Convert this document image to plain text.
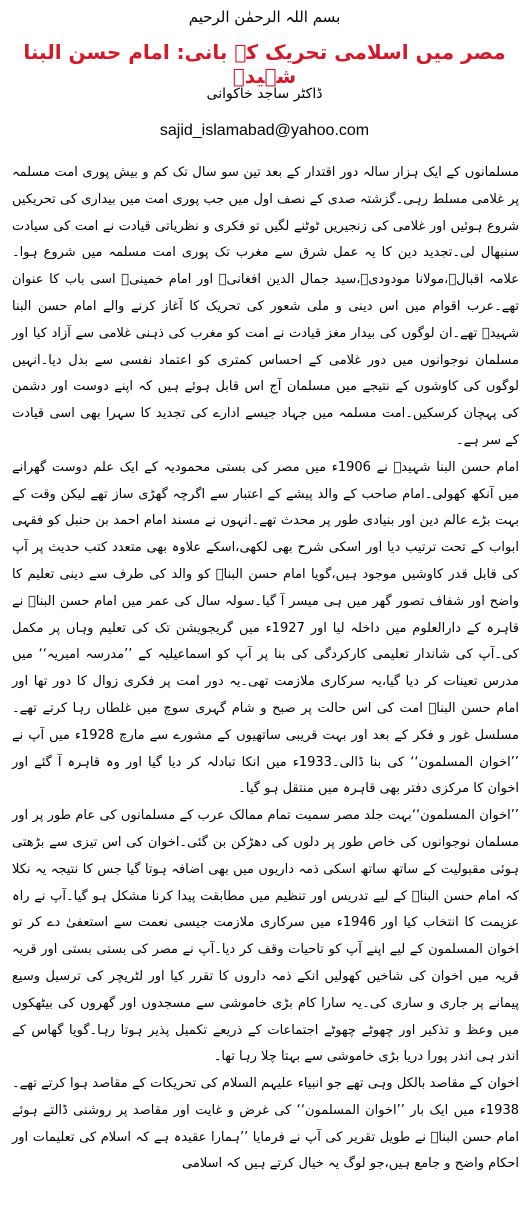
بسم اللہ الرحمٰن الرحیم
مصر میں اسلامی تحریک کے بانی: امام حسن البنا شہیدؒ
ڈاکٹر ساجد خاکوانی
sajid_islamabad@yahoo.com

مسلمانوں کے ایک ہزار سالہ دور اقتدار کے بعد تین سو سال تک کم و بیش پوری امت مسلمہ پر غلامی مسلط رہی۔گزشتہ صدی کے نصف اول میں جب پوری امت میں بیداری کی تحریکیں شروع ہوئیں اور غلامی کی زنجیریں ٹوٹنے لگیں تو فکری و نظریاتی قیادت نے امت کی سیادت سنبھال لی۔تجدید دین کا یہ عمل شرق سے مغرب تک پوری امت مسلمہ میں شروع ہوا۔علامہ اقبالؒ،مولانا مودودیؒ،سید جمال الدین افغانیؒ اور امام خمینیؒ اسی باب کا عنوان تھے۔عرب اقوام میں اس دینی و ملی شعور کی تحریک کا آغاز کرنے والے امام حسن البنا شہیدؒ تھے۔ان لوگوں کی بیدار مغز قیادت نے امت کو مغرب کی ذہنی غلامی سے آزاد کیا اور مسلمان نوجوانوں میں دور غلامی کے احساس کمتری کو اعتماد نفسی سے بدل دیا۔انہیں لوگوں کی کاوشوں کے نتیجے میں مسلمان آج اس قابل ہوئے ہیں کہ اپنے دوست اور دشمن کی پہچان کرسکیں۔امت مسلمہ میں جہاد جیسے ادارے کی تجدید کا سہرا بھی اسی قیادت کے سر ہے۔

امام حسن البنا شہیدؒ نے 1906ء میں مصر کی بستی محمودیہ کے ایک علم دوست گھرانے میں آنکھ کھولی۔امام صاحب کے والد پیشے کے اعتبار سے اگرچہ گھڑی ساز تھے لیکن وقت کے بہت بڑے عالم دین اور بنیادی طور پر محدث تھے۔انہوں نے مسند امام احمد بن حنبل کو فقہی ابواب کے تحت ترتیب دیا اور اسکی شرح بھی لکھی،اسکے علاوہ بھی متعدد کتب حدیث پر آپ کی قابل قدر کاوشیں موجود ہیں،گویا امام حسن البناؒ کو والد کی طرف سے دینی تعلیم کا واضح اور شفاف تصور گھر میں ہی میسر آ گیا۔سولہ سال کی عمر میں امام حسن البناؒ نے قاہرہ کے دارالعلوم میں داخلہ لیا اور 1927ء میں گریجویشن تک کی تعلیم وہاں پر مکمل کی۔آپ کی شاندار تعلیمی کارکردگی کی بنا پر آپ کو اسماعیلیہ کے ’’مدرسہ امیریہ‘‘ میں مدرس تعینات کر دیا گیا،یہ سرکاری ملازمت تھی۔یہ دور امت پر فکری زوال کا دور تھا اور امام حسن البناؒ امت کی اس حالت پر صبح و شام گہری سوچ میں غلطاں رہا کرتے تھے۔مسلسل غور و فکر کے بعد اور بہت قریبی ساتھیوں کے مشورے سے مارچ 1928ء میں آپ نے ’’اخوان المسلمون‘‘ کی بنا ڈالی۔1933ء میں انکا تبادلہ کر دیا گیا اور وہ قاہرہ آ گئے اور اخوان کا مرکزی دفتر بھی قاہرہ میں منتقل ہو گیا۔

’’اخوان المسلمون‘‘بہت جلد مصر سمیت تمام ممالک عرب کے مسلمانوں کی عام طور پر اور مسلمان نوجوانوں کی خاص طور پر دلوں کی دھڑکن بن گئی۔اخوان کی اس تیزی سے بڑھتی ہوئی مقبولیت کے ساتھ ساتھ اسکی ذمہ داریوں میں بھی اضافہ ہوتا گیا جس کا نتیجہ یہ نکلا کہ امام حسن البناؒ کے لیے تدریس اور تنظیم میں مطابقت پیدا کرنا مشکل ہو گیا۔آپ نے راہ عزیمت کا انتخاب کیا اور 1946ء میں سرکاری ملازمت جیسی نعمت سے استعفیٰ دے کر تو اخوان المسلمون کے لیے اپنے آپ کو تاحیات وقف کر دیا۔آپ نے مصر کی بستی بستی اور قریہ قریہ میں اخوان کی شاخیں کھولیں انکے ذمہ داروں کا تقرر کیا اور لٹریچر کی ترسیل وسیع پیمانے پر جاری و ساری کی۔یہ سارا کام بڑی خاموشی سے مسجدوں اور گھروں کی بیٹھکوں میں وعظ و تذکیر اور چھوٹے چھوٹے اجتماعات کے ذریعے تکمیل پذیر ہوتا رہا۔گویا گھاس کے اندر ہی اندر پورا دریا بڑی خاموشی سے بہتا چلا رہا تھا۔

اخوان کے مقاصد بالکل وہی تھے جو انبیاء علیہم السلام کی تحریکات کے مقاصد ہوا کرتے تھے۔1938ء میں ایک بار ’’اخوان المسلمون‘‘ کی غرض و غایت اور مقاصد پر روشنی ڈالتے ہوئے امام حسن البناؒ نے طویل تقریر کی آپ نے فرمایا ’’ہمارا عقیدہ ہے کہ اسلام کی تعلیمات اور احکام واضح و جامع ہیں،جو لوگ یہ خیال کرتے ہیں کہ اسلامی
